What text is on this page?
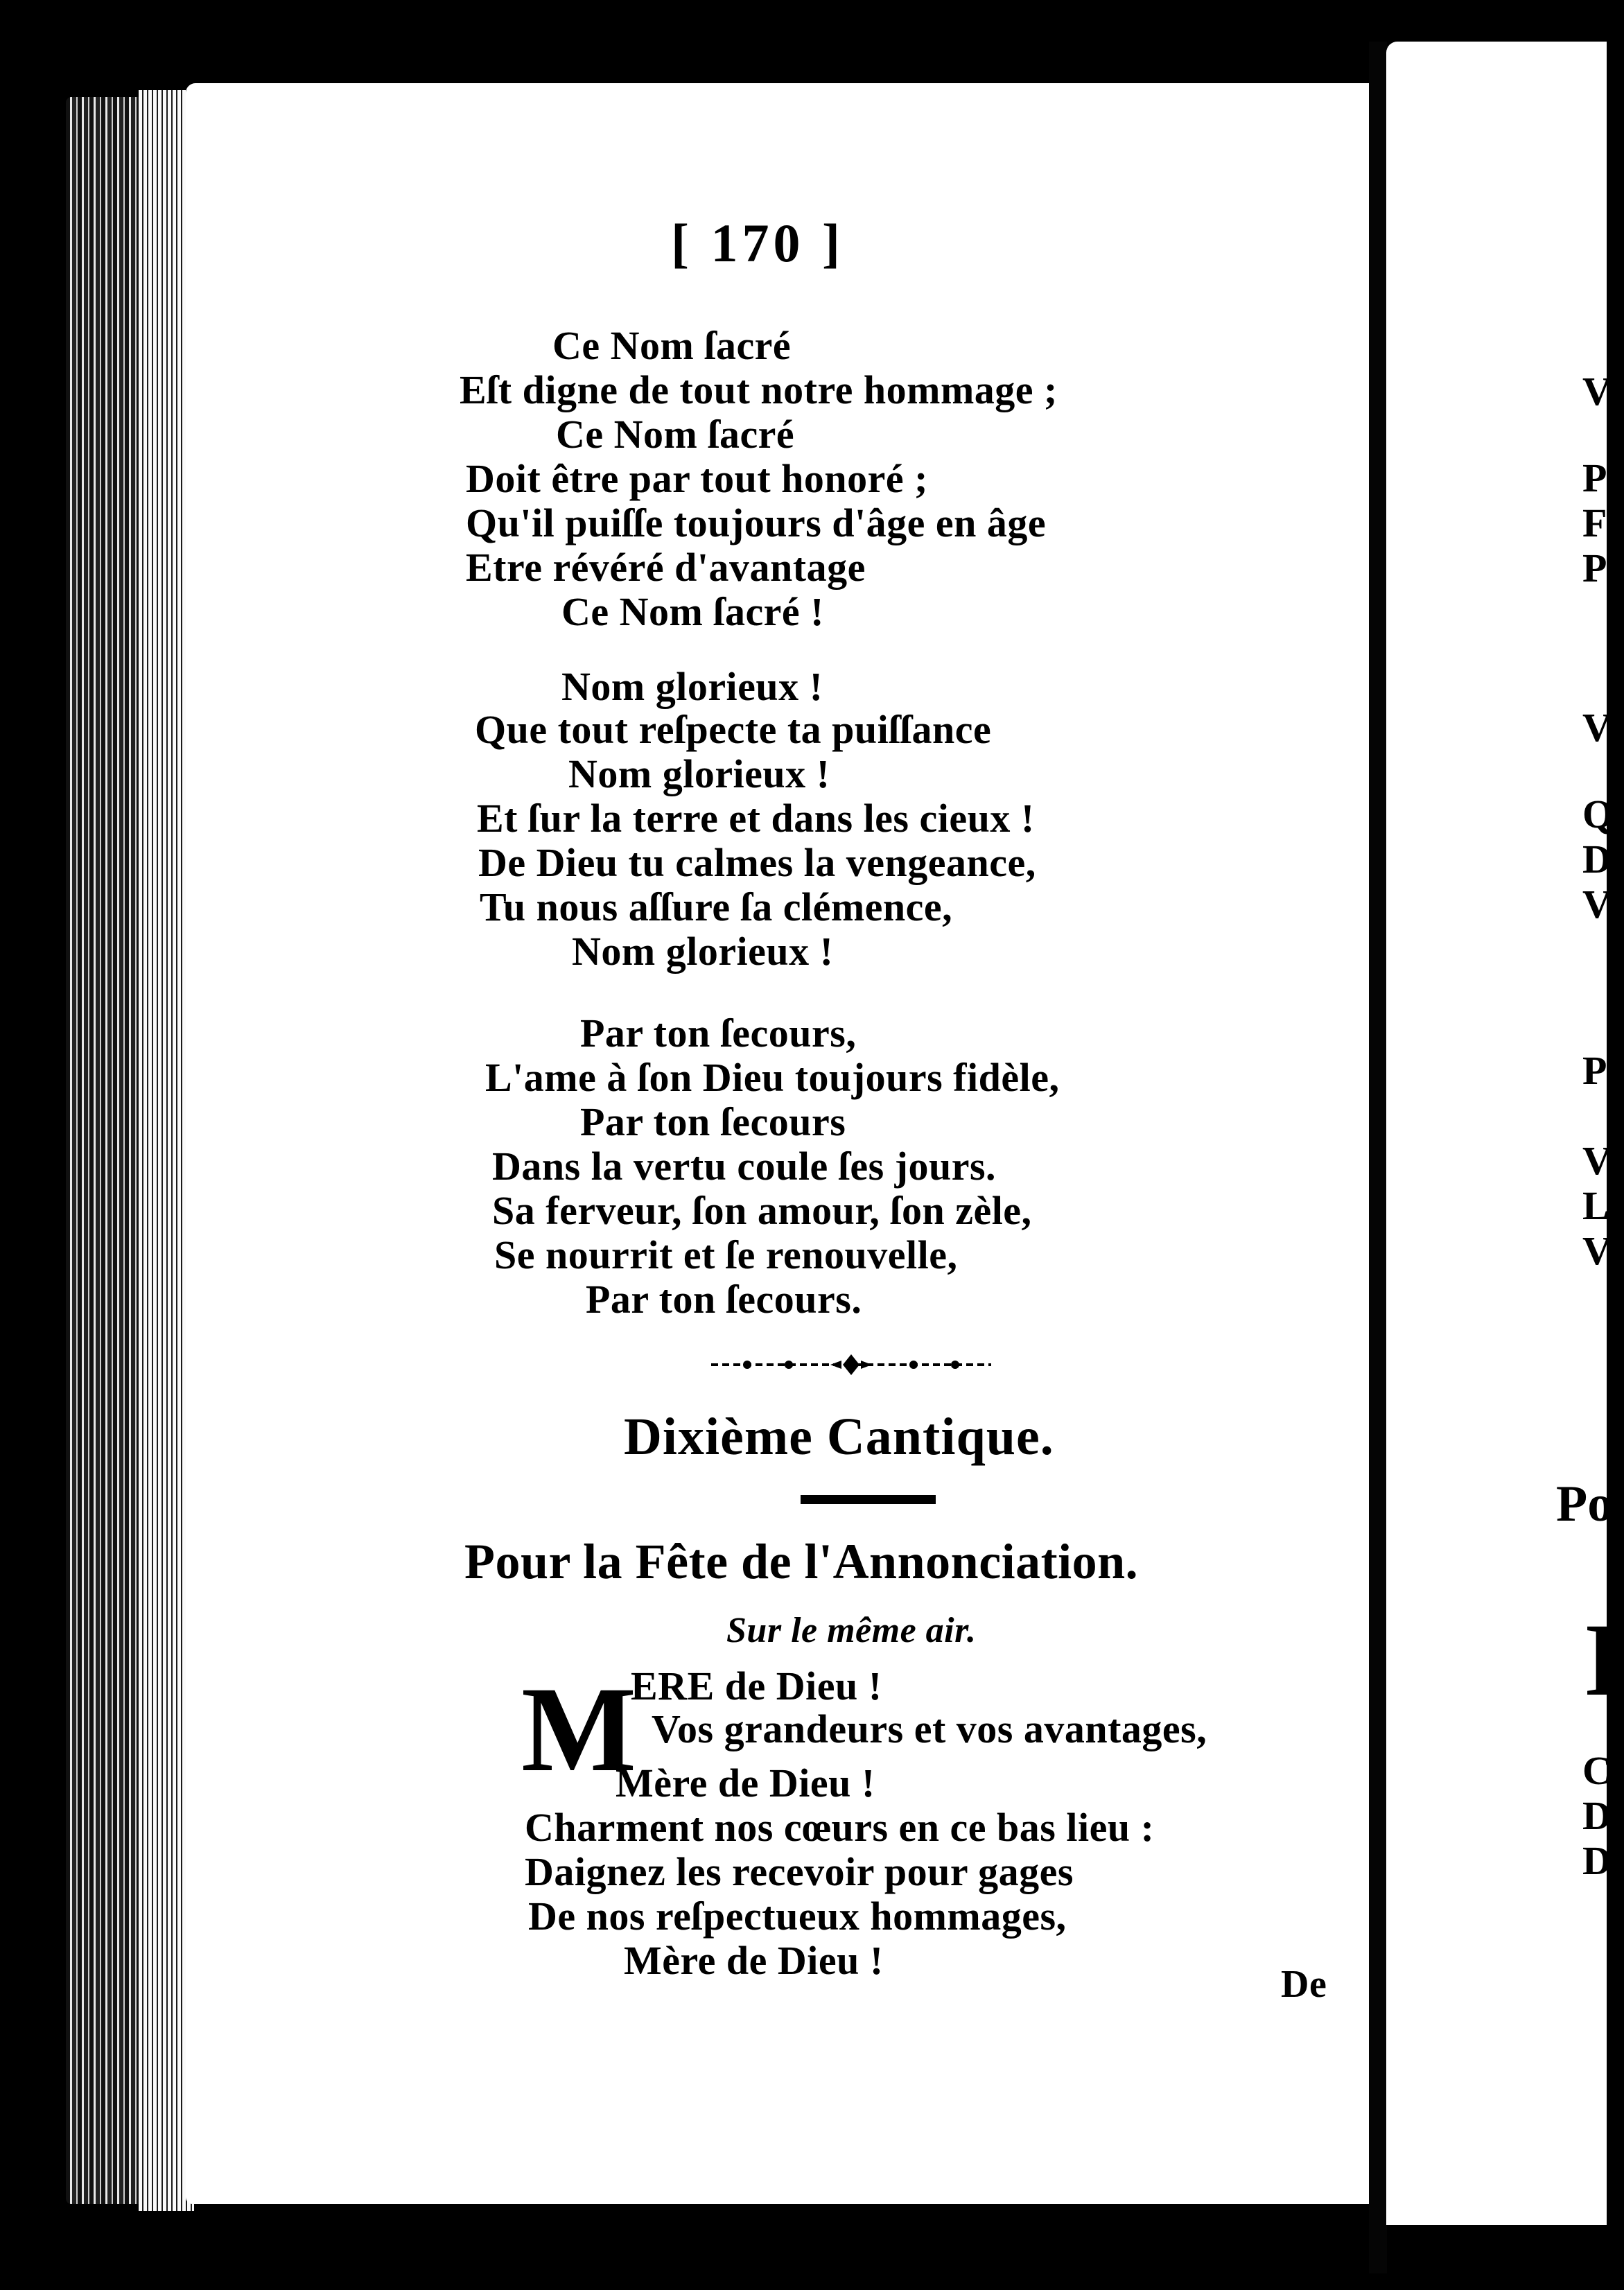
[ 170 ]
Ce Nom ſacré
Eſt digne de tout notre hommage ;
Ce Nom ſacré
Doit être par tout honoré ;
Qu'il puiſſe toujours d'âge en âge
Etre révéré d'avantage
Ce Nom ſacré !
Nom glorieux !
Que tout reſpecte ta puiſſance
Nom glorieux !
Et ſur la terre et dans les cieux !
De Dieu tu calmes la vengeance,
Tu nous aſſure ſa clémence,
Nom glorieux !
Par ton ſecours,
L'ame à ſon Dieu toujours fidèle,
Par ton ſecours
Dans la vertu coule ſes jours.
Sa ferveur, ſon amour, ſon zèle,
Se nourrit et ſe renouvelle,
Par ton ſecours.
Dixième Cantique.
Pour la Fête de l'Annonciation.
Sur le même air.
M
ERE de Dieu !
Vos grandeurs et vos avantages,
Mère de Dieu !
Charment nos cœurs en ce bas lieu :
Daignez les recevoir pour gages
De nos reſpectueux hommages,
Mère de Dieu !
De
V
P
F
P
V
Q
D
V
P
V
L
V
Po
I
C
D
D
